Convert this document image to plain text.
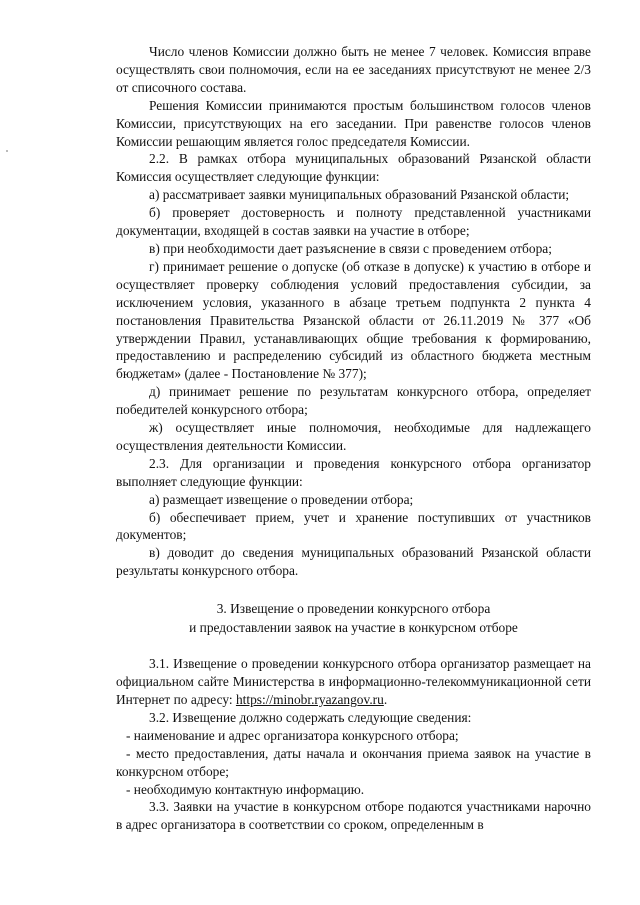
Число членов Комиссии должно быть не менее 7 человек. Комиссия вправе осуществлять свои полномочия, если на ее заседаниях присутствуют не менее 2/3 от списочного состава.

Решения Комиссии принимаются простым большинством голосов членов Комиссии, присутствующих на его заседании. При равенстве голосов членов Комиссии решающим является голос председателя Комиссии.

2.2. В рамках отбора муниципальных образований Рязанской области Комиссия осуществляет следующие функции:

а) рассматривает заявки муниципальных образований Рязанской области;

б) проверяет достоверность и полноту представленной участниками документации, входящей в состав заявки на участие в отборе;

в) при необходимости дает разъяснение в связи с проведением отбора;

г) принимает решение о допуске (об отказе в допуске) к участию в отборе и осуществляет проверку соблюдения условий предоставления субсидии, за исключением условия, указанного в абзаце третьем подпункта 2 пункта 4 постановления Правительства Рязанской области от 26.11.2019 № 377 «Об утверждении Правил, устанавливающих общие требования к формированию, предоставлению и распределению субсидий из областного бюджета местным бюджетам» (далее - Постановление № 377);

д) принимает решение по результатам конкурсного отбора, определяет победителей конкурсного отбора;

ж) осуществляет иные полномочия, необходимые для надлежащего осуществления деятельности Комиссии.

2.3. Для организации и проведения конкурсного отбора организатор выполняет следующие функции:

а) размещает извещение о проведении отбора;

б) обеспечивает прием, учет и хранение поступивших от участников документов;

в) доводит до сведения муниципальных образований Рязанской области результаты конкурсного отбора.

3. Извещение о проведении конкурсного отбора
и предоставлении заявок на участие в конкурсном отборе

3.1. Извещение о проведении конкурсного отбора организатор размещает на официальном сайте Министерства в информационно-телекоммуникационной сети Интернет по адресу: https://minobr.ryazangov.ru.

3.2. Извещение должно содержать следующие сведения:

- наименование и адрес организатора конкурсного отбора;

- место предоставления, даты начала и окончания приема заявок на участие в конкурсном отборе;

- необходимую контактную информацию.

3.3. Заявки на участие в конкурсном отборе подаются участниками нарочно в адрес организатора в соответствии со сроком, определенным в
